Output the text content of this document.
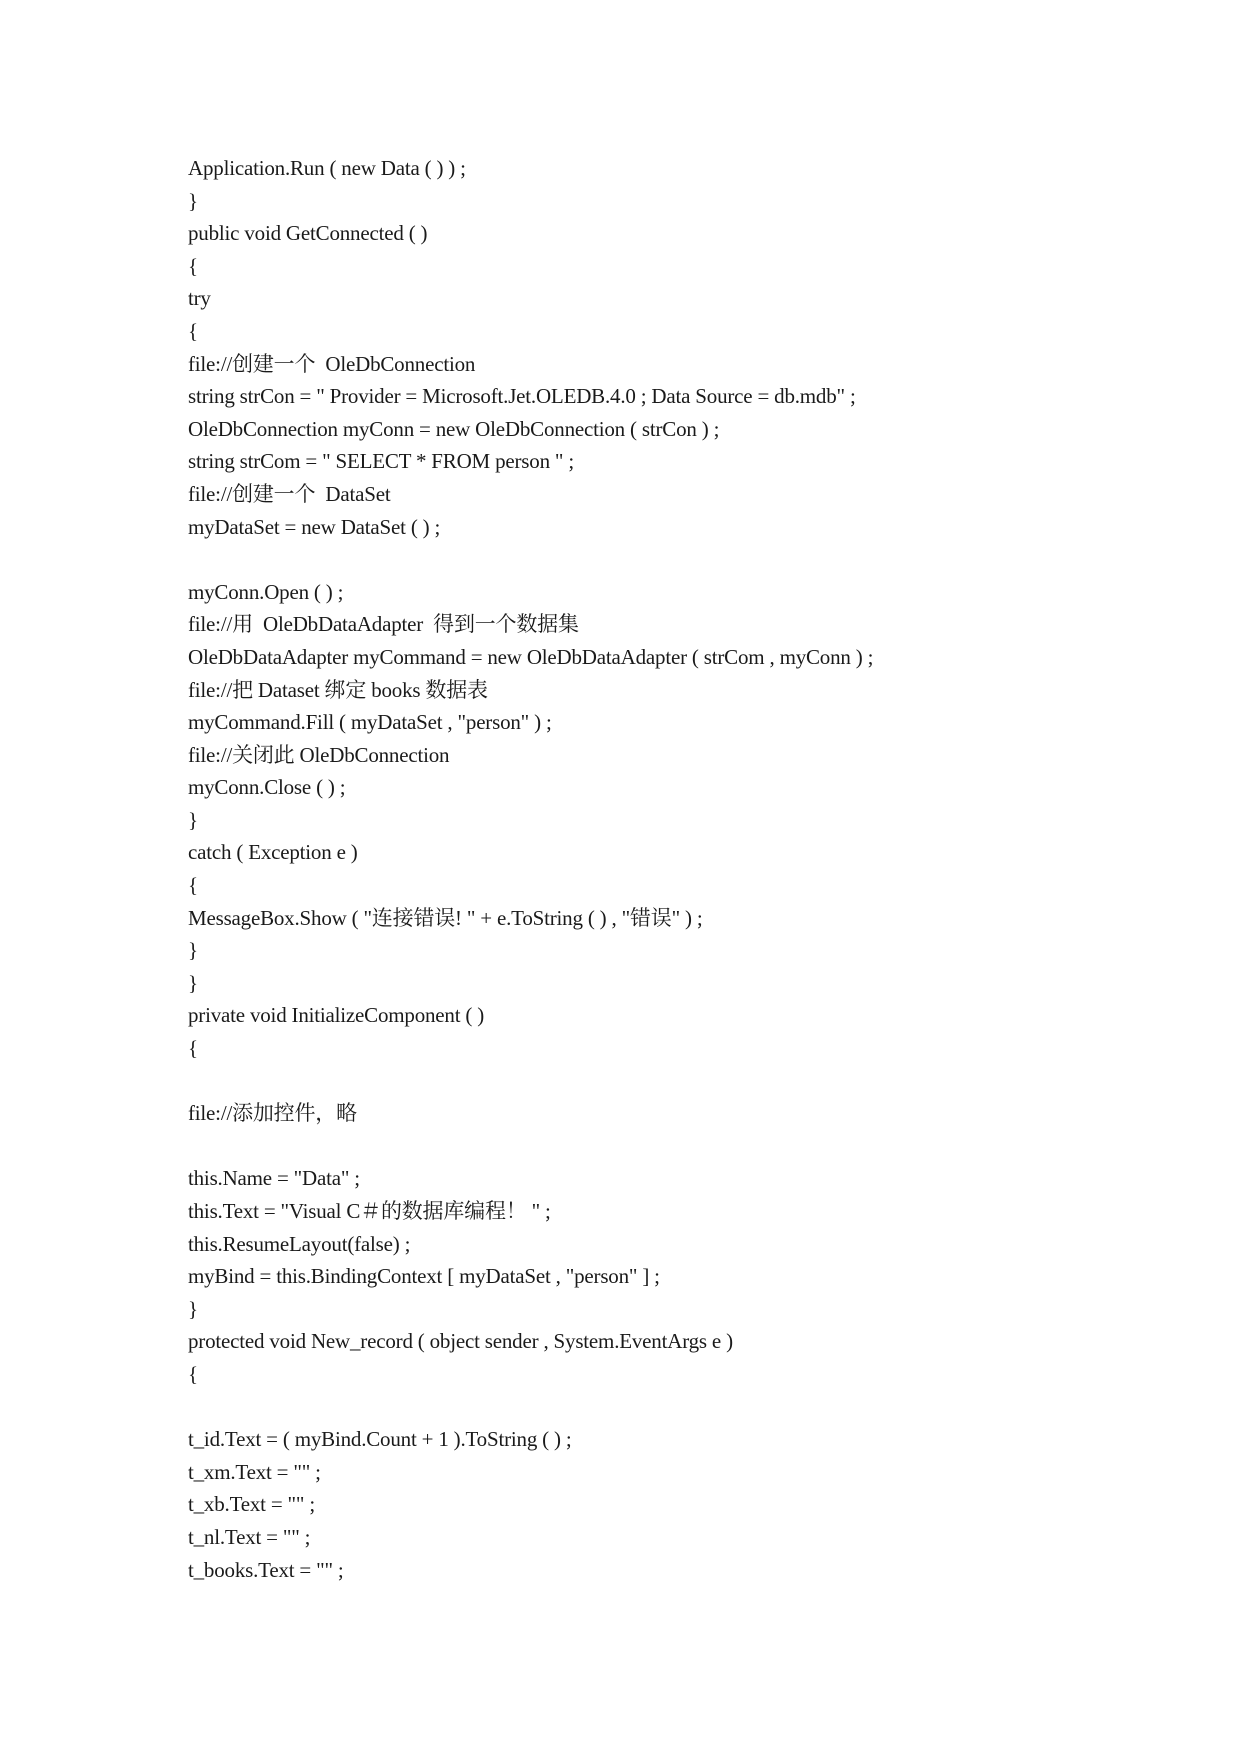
Application.Run ( new Data ( ) ) ;
}
public void GetConnected ( )
{
try
{
file://创建一个  OleDbConnection
string strCon = " Provider = Microsoft.Jet.OLEDB.4.0 ; Data Source = db.mdb" ;
OleDbConnection myConn = new OleDbConnection ( strCon ) ;
string strCom = " SELECT * FROM person " ;
file://创建一个  DataSet
myDataSet = new DataSet ( ) ;
myConn.Open ( ) ;
file://用  OleDbDataAdapter  得到一个数据集
OleDbDataAdapter myCommand = new OleDbDataAdapter ( strCom , myConn ) ;
file://把 Dataset 绑定 books 数据表
myCommand.Fill ( myDataSet , "person" ) ;
file://关闭此 OleDbConnection
myConn.Close ( ) ;
}
catch ( Exception e )
{
MessageBox.Show ( "连接错误! " + e.ToString ( ) , "错误" ) ;
}
}
private void InitializeComponent ( )
{
file://添加控件，略
this.Name = "Data" ;
this.Text = "Visual C＃的数据库编程！ " ;
this.ResumeLayout(false) ;
myBind = this.BindingContext [ myDataSet , "person" ] ;
}
protected void New_record ( object sender , System.EventArgs e )
{
t_id.Text = ( myBind.Count + 1 ).ToString ( ) ;
t_xm.Text = "" ;
t_xb.Text = "" ;
t_nl.Text = "" ;
t_books.Text = "" ;
